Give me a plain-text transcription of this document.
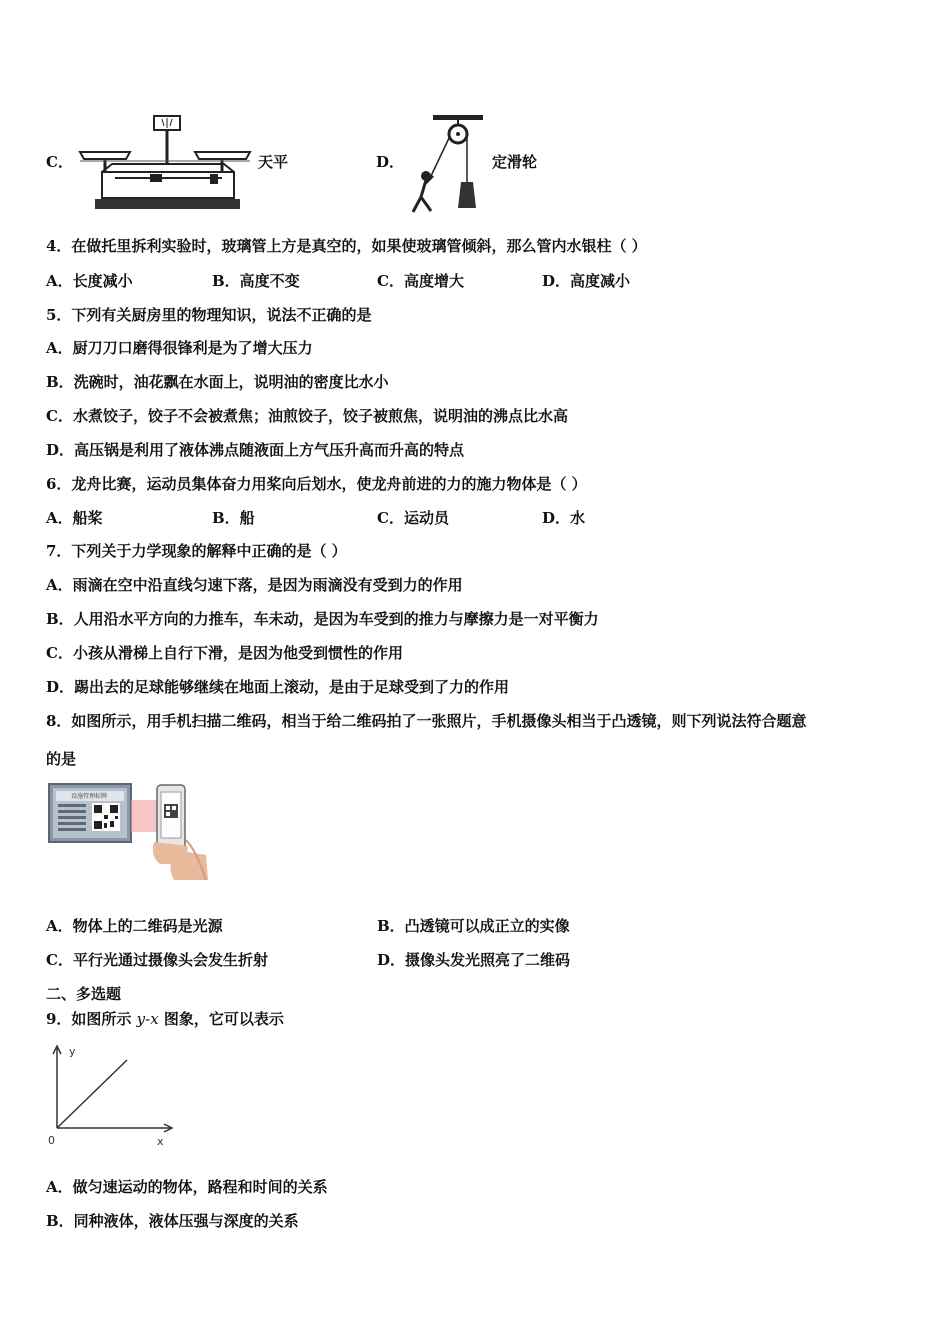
C．	天平	D．	定滑轮
4．在做托里拆利实验时，玻璃管上方是真空的，如果使玻璃管倾斜，那么管内水银柱（ ）
A．长度减小	B．高度不变	C．高度增大	D．高度减小
5．下列有关厨房里的物理知识，说法不正确的是
A．厨刀刀口磨得很锋利是为了增大压力
B．洗碗时，油花飘在水面上，说明油的密度比水小
C．水煮饺子，饺子不会被煮焦；油煎饺子，饺子被煎焦，说明油的沸点比水高
D．高压锅是利用了液体沸点随液面上方气压升高而升高的特点
6．龙舟比赛，运动员集体奋力用桨向后划水，使龙舟前进的力的施力物体是（ ）
A．船桨	B．船	C．运动员	D．水
7．下列关于力学现象的解释中正确的是（ ）
A．雨滴在空中沿直线匀速下落，是因为雨滴没有受到力的作用
B．人用沿水平方向的力推车，车未动，是因为车受到的推力与摩擦力是一对平衡力
C．小孩从滑梯上自行下滑，是因为他受到惯性的作用
D．踢出去的足球能够继续在地面上滚动，是由于足球受到了力的作用
8．如图所示，用手机扫描二维码，相当于给二维码拍了一张照片，手机摄像头相当于凸透镜，则下列说法符合题意
的是
设施管理标牌
A．物体上的二维码是光源	B．凸透镜可以成正立的实像
C．平行光通过摄像头会发生折射	D．摄像头发光照亮了二维码
二、多选题
9．如图所示 y-x 图象，它可以表示
y
x
0
A．做匀速运动的物体，路程和时间的关系
B．同种液体，液体压强与深度的关系
